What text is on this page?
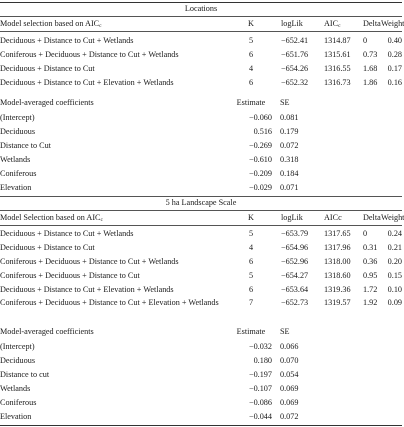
Locations
Model selection based on $AIC_c$	K	logLik	$AIC_c$	Delta Weight
Deciduous + Distance to Cut + Wetlands	5	−652.41	1314.87	0	0.40
Coniferous + Deciduous + Distance to Cut + Wetlands	6	−651.76	1315.61	0.73	0.28
Deciduous + Distance to Cut	4	−654.26	1316.55	1.68	0.17
Deciduous + Distance to Cut + Elevation + Wetlands	6	−652.32	1316.73	1.86	0.16
Model-averaged coefficients	Estimate	SE
(Intercept)	−0.060 0.081
Deciduous	0.516 0.179
Distance to Cut	−0.269 0.072
Wetlands	−0.610 0.318
Coniferous	−0.209 0.184
Elevation	−0.029 0.071
5 ha Landscape Scale
Model Selection based on $AIC_c$	K	logLik	AICc	Delta Weight
Deciduous + Distance to Cut + Wetlands	5	−653.79	1317.65	0	0.24
Deciduous + Distance to Cut	4	−654.96	1317.96	0.31	0.21
Coniferous + Deciduous + Distance to Cut + Wetlands	6	−652.96	1318.00	0.36	0.20
Coniferous + Deciduous + Distance to Cut	5	−654.27	1318.60	0.95	0.15
Deciduous + Distance to Cut + Elevation + Wetlands	6	−653.64	1319.36	1.72	0.10
Coniferous + Deciduous + Distance to Cut + Elevation + Wetlands	7	−652.73	1319.57	1.92	0.09
Model-averaged coefficients	Estimate	SE
(Intercept)	−0.032 0.066
Deciduous	0.180 0.070
Distance to cut	−0.197 0.054
Wetlands	−0.107 0.069
Coniferous	−0.086 0.069
Elevation	−0.044 0.072
